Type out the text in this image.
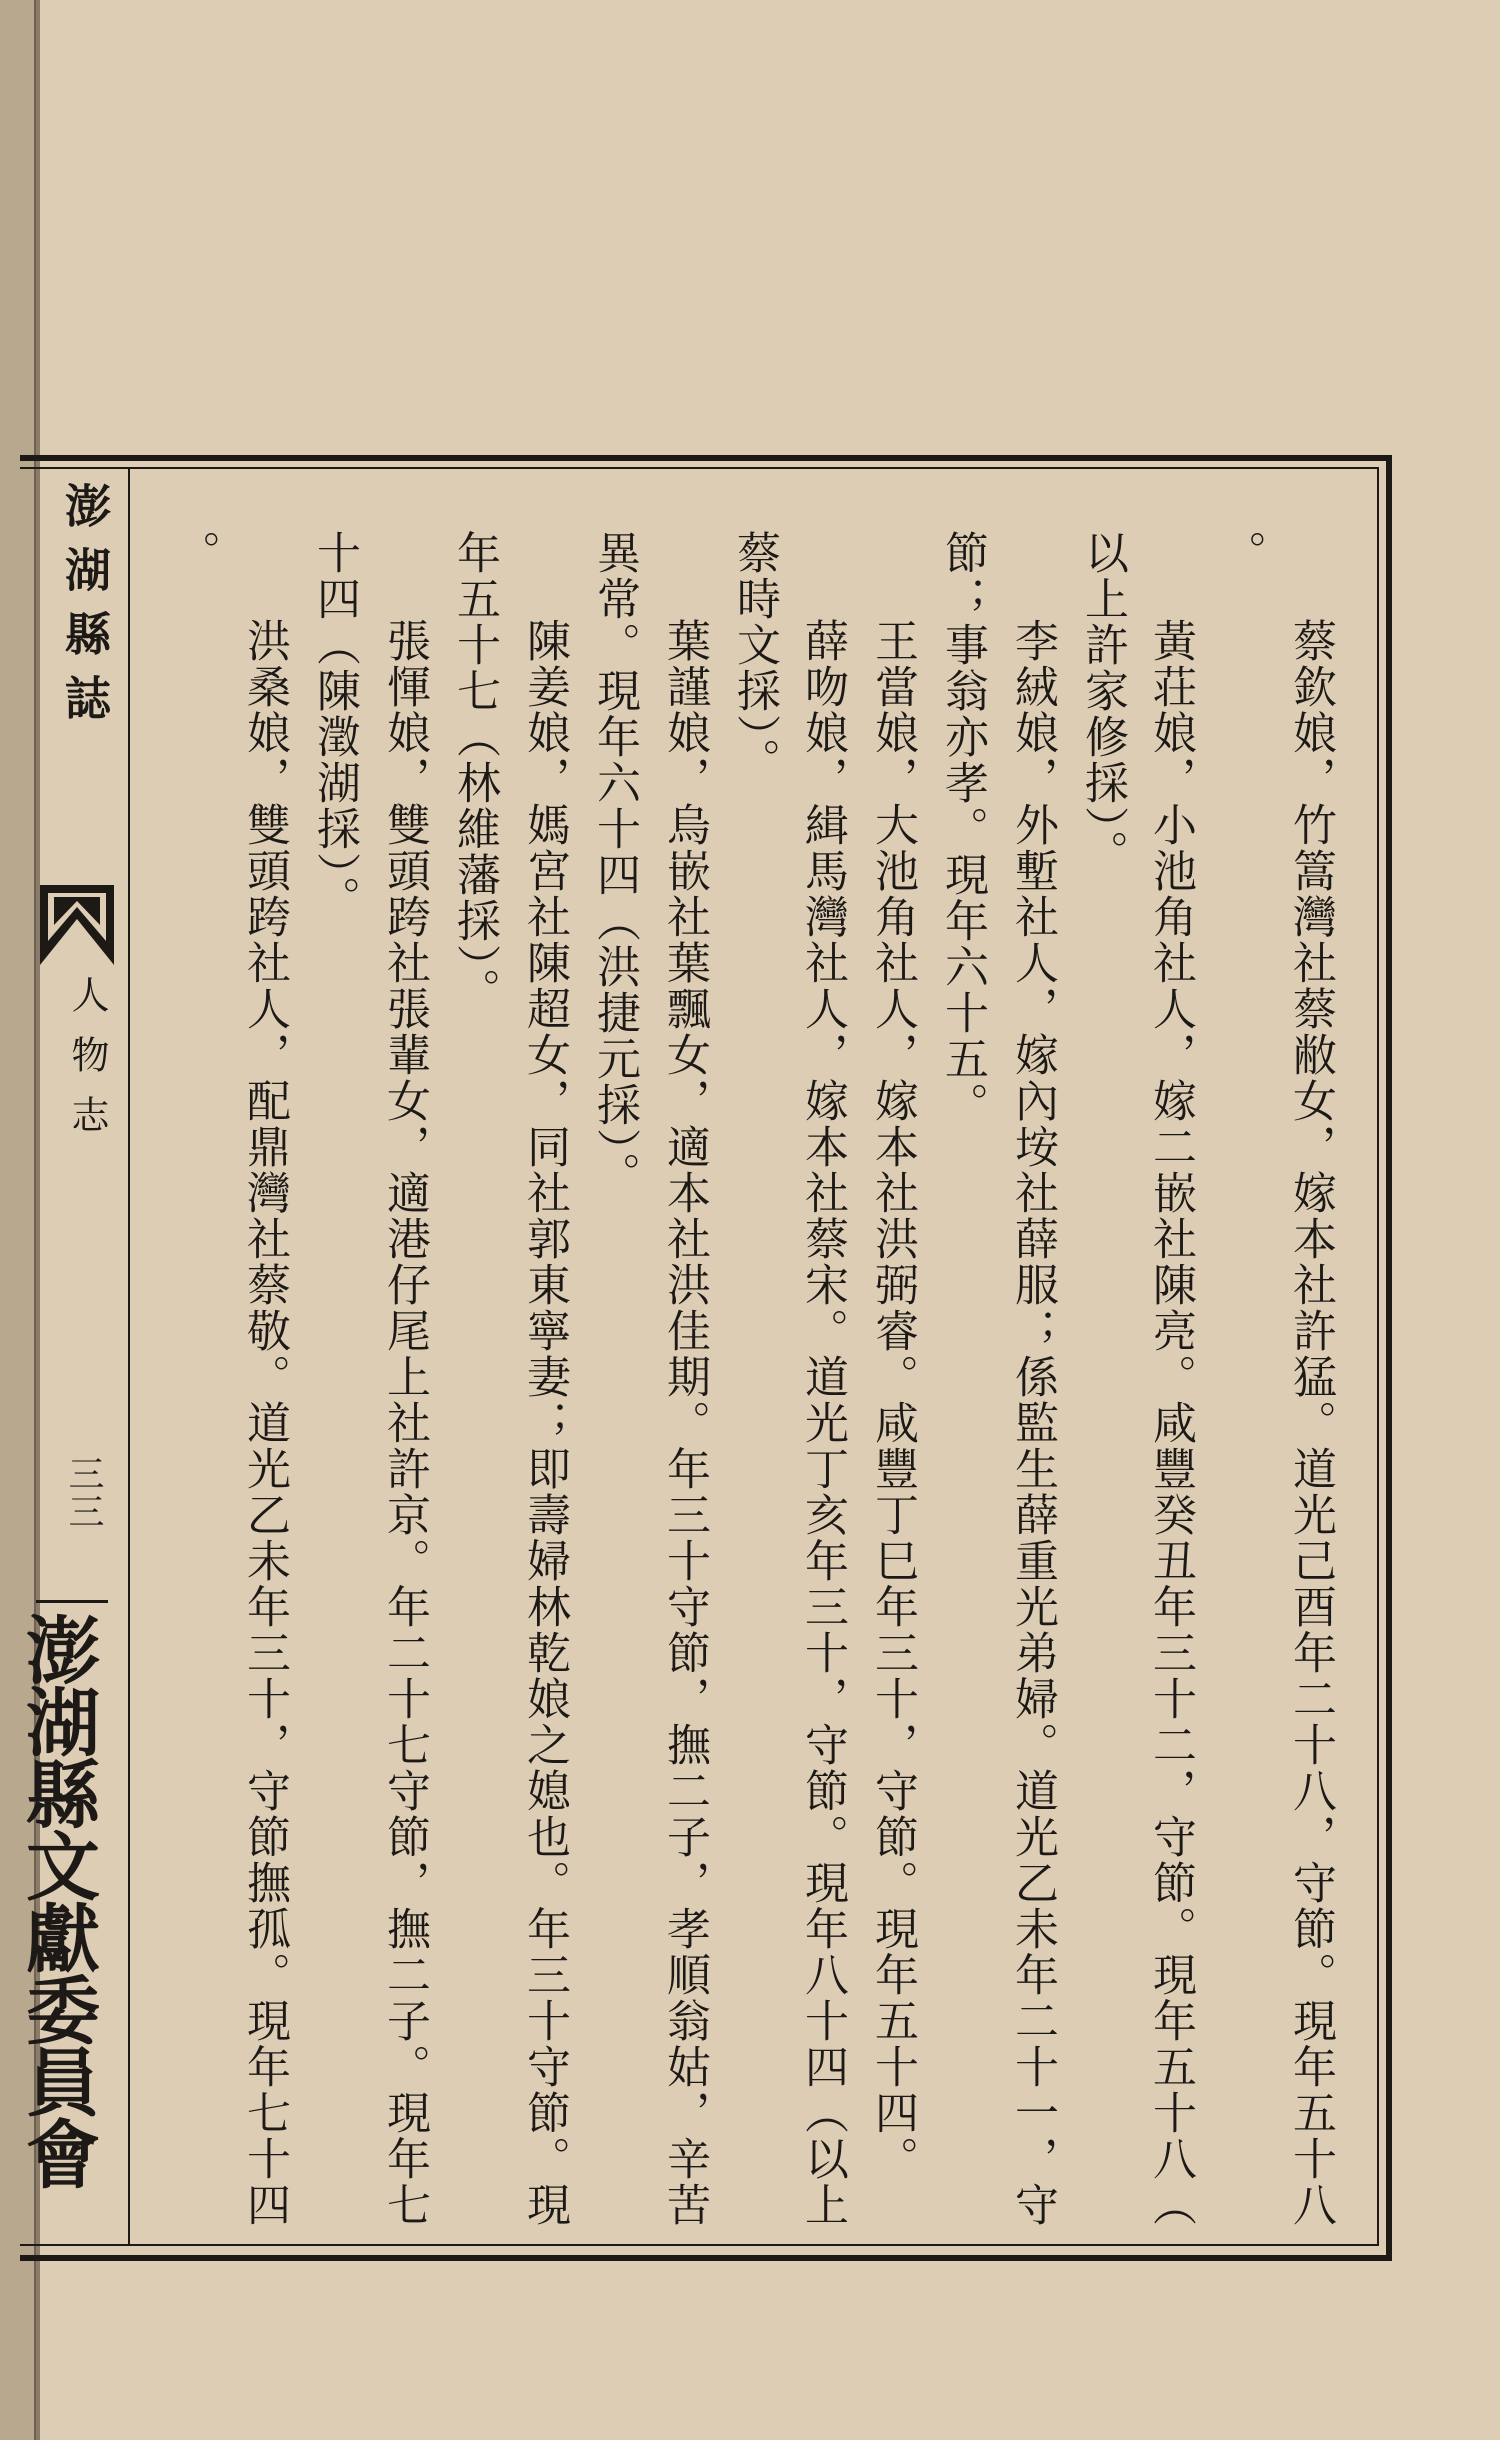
澎湖縣誌
人物志
三三
澎湖縣文獻委員會	蔡欽娘，竹篙灣社蔡敝女，嫁本社許猛。道光己酉年二十八，守節。現年五十八
。
黃荘娘，小池角社人，嫁二嵌社陳亮。咸豐癸丑年三十二，守節。現年五十八（
以上許家修採）。
李絨娘，外塹社人，嫁內垵社薛服；係監生薛重光弟婦。道光乙未年二十一，守
節；事翁亦孝。現年六十五。
王當娘，大池角社人，嫁本社洪弼睿。咸豐丁巳年三十，守節。現年五十四。
薛吻娘，緝馬灣社人，嫁本社蔡宋。道光丁亥年三十，守節。現年八十四（以上
蔡時文採）。
葉謹娘，烏嵌社葉飄女，適本社洪佳期。年三十守節，撫二子，孝順翁姑，辛苦
異常。現年六十四（洪捷元採）。
陳姜娘，媽宮社陳超女，同社郭東寧妻；即壽婦林乾娘之媳也。年三十守節。現
年五十七（林維藩採）。
張惲娘，雙頭跨社張輩女，適港仔尾上社許京。年二十七守節，撫二子。現年七
十四（陳澂湖採）。
洪桑娘，雙頭跨社人，配鼎灣社蔡敬。道光乙未年三十，守節撫孤。現年七十四
。
